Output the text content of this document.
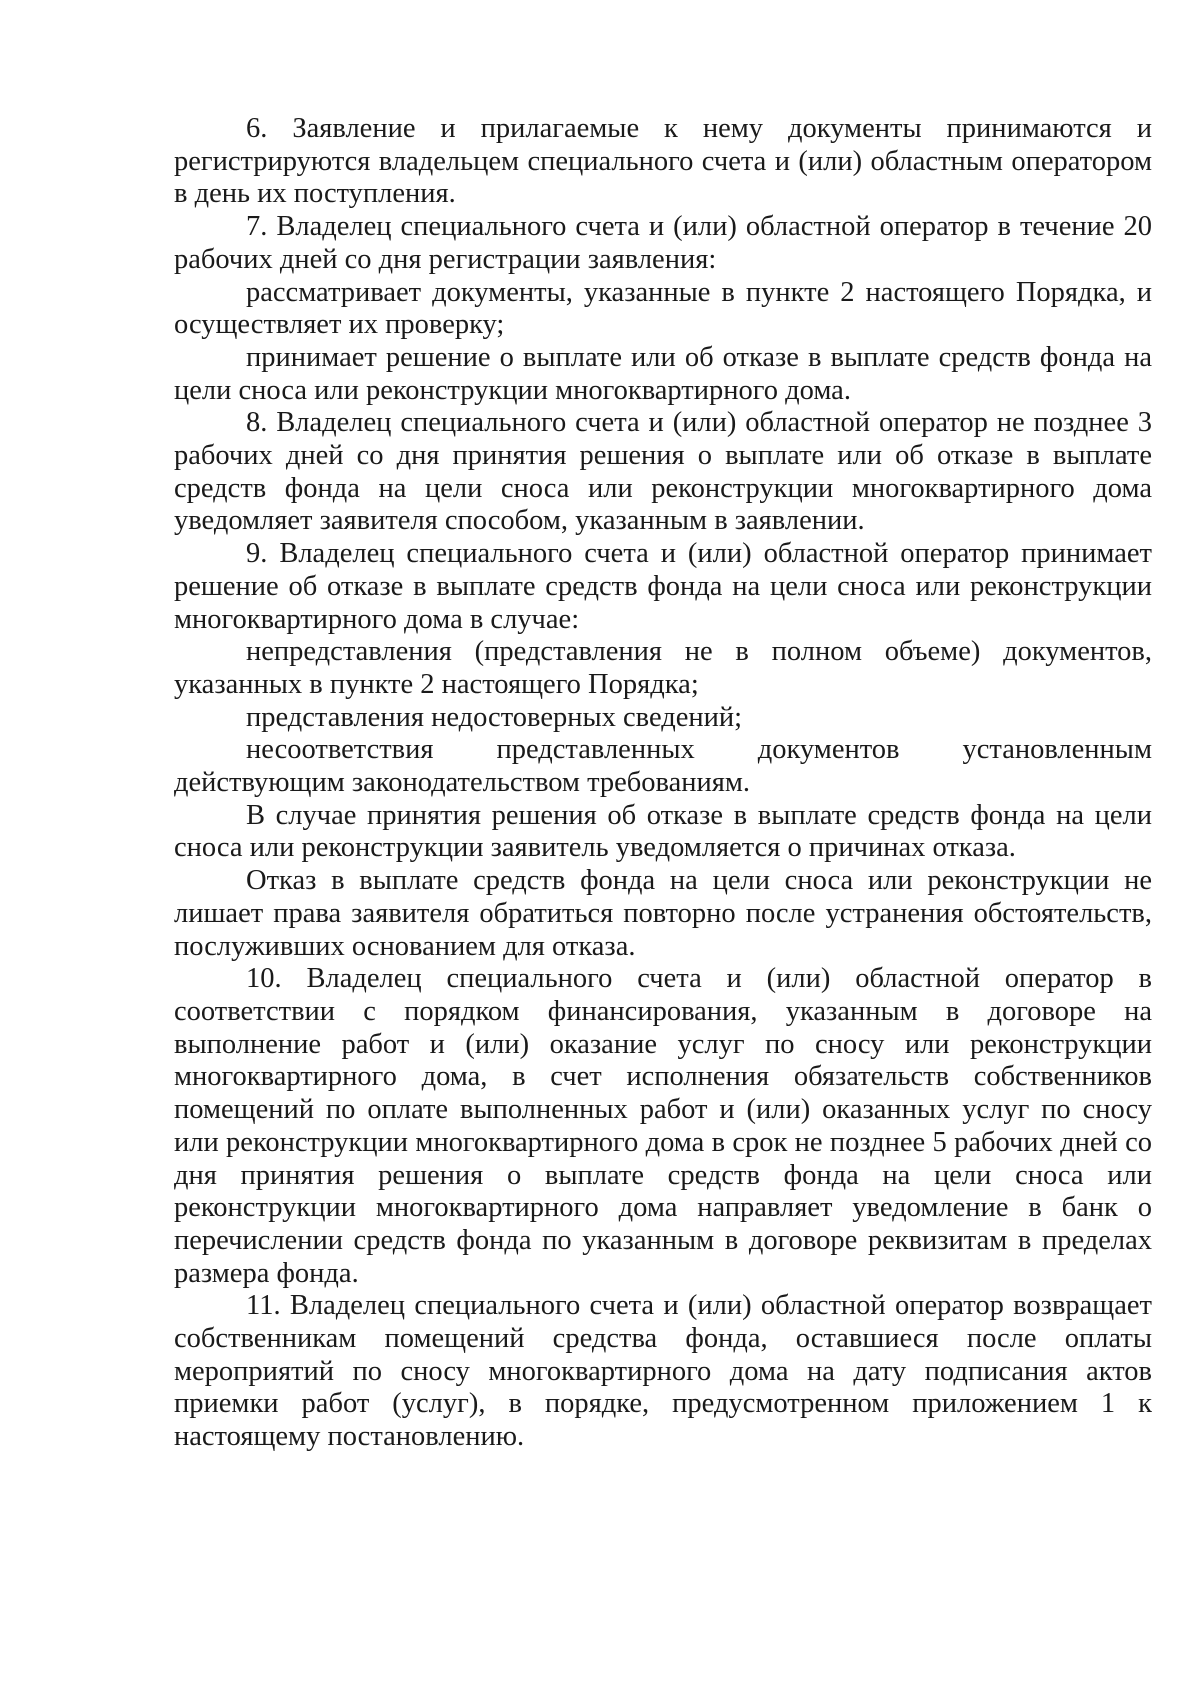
6. Заявление и прилагаемые к нему документы принимаются и регистрируются владельцем специального счета и (или) областным оператором в день их поступления.

7. Владелец специального счета и (или) областной оператор в течение 20 рабочих дней со дня регистрации заявления:

рассматривает документы, указанные в пункте 2 настоящего Порядка, и осуществляет их проверку;

принимает решение о выплате или об отказе в выплате средств фонда на цели сноса или реконструкции многоквартирного дома.

8. Владелец специального счета и (или) областной оператор не позднее 3 рабочих дней со дня принятия решения о выплате или об отказе в выплате средств фонда на цели сноса или реконструкции многоквартирного дома уведомляет заявителя способом, указанным в заявлении.

9. Владелец специального счета и (или) областной оператор принимает решение об отказе в выплате средств фонда на цели сноса или реконструкции многоквартирного дома в случае:

непредставления (представления не в полном объеме) документов, указанных в пункте 2 настоящего Порядка;

представления недостоверных сведений;

несоответствия представленных документов установленным действующим законодательством требованиям.

В случае принятия решения об отказе в выплате средств фонда на цели сноса или реконструкции заявитель уведомляется о причинах отказа.

Отказ в выплате средств фонда на цели сноса или реконструкции не лишает права заявителя обратиться повторно после устранения обстоятельств, послуживших основанием для отказа.

10. Владелец специального счета и (или) областной оператор в соответствии с порядком финансирования, указанным в договоре на выполнение работ и (или) оказание услуг по сносу или реконструкции многоквартирного дома, в счет исполнения обязательств собственников помещений по оплате выполненных работ и (или) оказанных услуг по сносу или реконструкции многоквартирного дома в срок не позднее 5 рабочих дней со дня принятия решения о выплате средств фонда на цели сноса или реконструкции многоквартирного дома направляет уведомление в банк о перечислении средств фонда по указанным в договоре реквизитам в пределах размера фонда.

11. Владелец специального счета и (или) областной оператор возвращает собственникам помещений средства фонда, оставшиеся после оплаты мероприятий по сносу многоквартирного дома на дату подписания актов приемки работ (услуг), в порядке, предусмотренном приложением 1 к настоящему постановлению.
